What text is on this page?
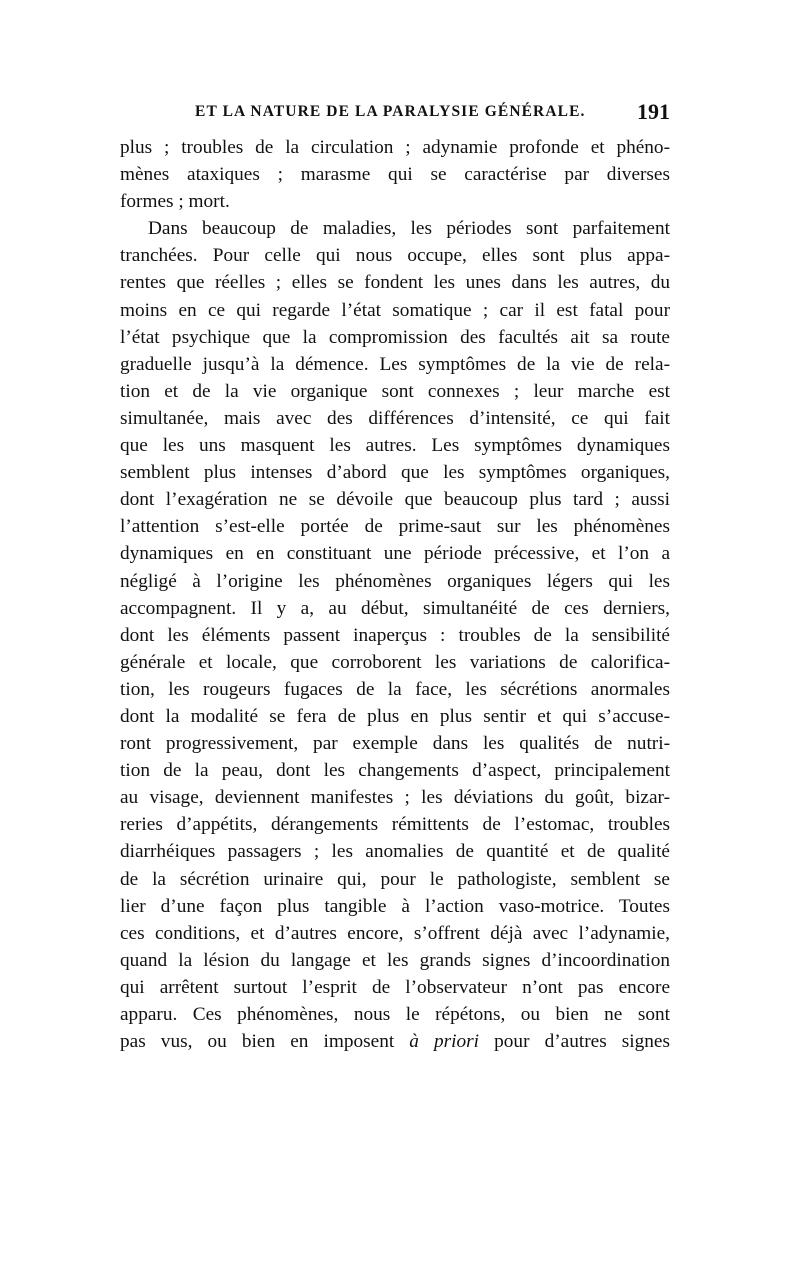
ET LA NATURE DE LA PARALYSIE GÉNÉRALE. 191
plus ; troubles de la circulation ; adynamie profonde et phéno-
mènes ataxiques ; marasme qui se caractérise par diverses
formes ; mort.
Dans beaucoup de maladies, les périodes sont parfaitement
tranchées. Pour celle qui nous occupe, elles sont plus appa-
rentes que réelles ; elles se fondent les unes dans les autres, du
moins en ce qui regarde l’état somatique ; car il est fatal pour
l’état psychique que la compromission des facultés ait sa route
graduelle jusqu’à la démence. Les symptômes de la vie de rela-
tion et de la vie organique sont connexes ; leur marche est
simultanée, mais avec des différences d’intensité, ce qui fait
que les uns masquent les autres. Les symptômes dynamiques
semblent plus intenses d’abord que les symptômes organiques,
dont l’exagération ne se dévoile que beaucoup plus tard ; aussi
l’attention s’est-elle portée de prime-saut sur les phénomènes
dynamiques en en constituant une période précessive, et l’on a
négligé à l’origine les phénomènes organiques légers qui les
accompagnent. Il y a, au début, simultanéité de ces derniers,
dont les éléments passent inaperçus : troubles de la sensibilité
générale et locale, que corroborent les variations de calorifica-
tion, les rougeurs fugaces de la face, les sécrétions anormales
dont la modalité se fera de plus en plus sentir et qui s’accuse-
ront progressivement, par exemple dans les qualités de nutri-
tion de la peau, dont les changements d’aspect, principalement
au visage, deviennent manifestes ; les déviations du goût, bizar-
reries d’appétits, dérangements rémittents de l’estomac, troubles
diarrhéiques passagers ; les anomalies de quantité et de qualité
de la sécrétion urinaire qui, pour le pathologiste, semblent se
lier d’une façon plus tangible à l’action vaso-motrice. Toutes
ces conditions, et d’autres encore, s’offrent déjà avec l’adynamie,
quand la lésion du langage et les grands signes d’incoordination
qui arrêtent surtout l’esprit de l’observateur n’ont pas encore
apparu. Ces phénomènes, nous le répétons, ou bien ne sont
pas vus, ou bien en imposent à priori pour d’autres signes
